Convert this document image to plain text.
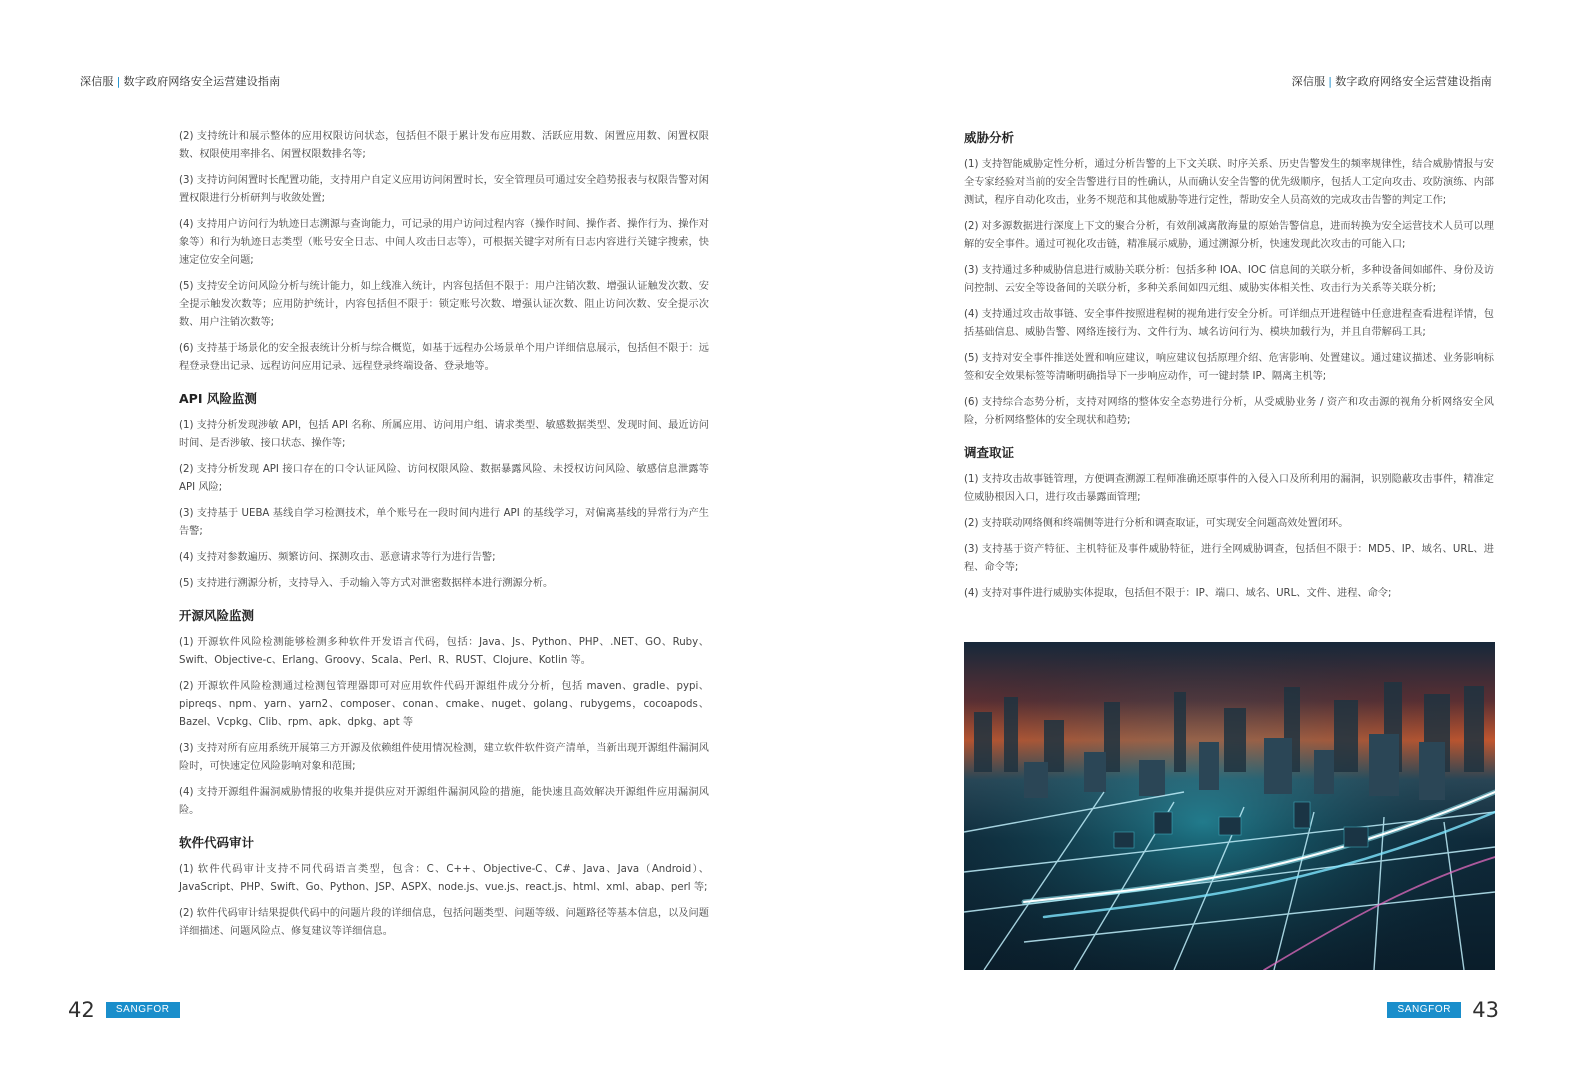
深信服 | 数字政府网络安全运营建设指南

(2) 支持统计和展示整体的应用权限访问状态，包括但不限于累计发布应用数、活跃应用数、闲置应用数、闲置权限数、权限使用率排名、闲置权限数排名等;

(3) 支持访问闲置时长配置功能，支持用户自定义应用访问闲置时长，安全管理员可通过安全趋势报表与权限告警对闲置权限进行分析研判与收敛处置;

(4) 支持用户访问行为轨迹日志溯源与查询能力，可记录的用户访问过程内容（操作时间、操作者、操作行为、操作对象等）和行为轨迹日志类型（账号安全日志、中间人攻击日志等），可根据关键字对所有日志内容进行关键字搜索，快速定位安全问题;

(5) 支持安全访问风险分析与统计能力，如上线准入统计，内容包括但不限于：用户注销次数、增强认证触发次数、安全提示触发次数等；应用防护统计，内容包括但不限于：锁定账号次数、增强认证次数、阻止访问次数、安全提示次数、用户注销次数等;

(6) 支持基于场景化的安全报表统计分析与综合概览，如基于远程办公场景单个用户详细信息展示，包括但不限于：远程登录登出记录、远程访问应用记录、远程登录终端设备、登录地等。

API 风险监测

(1) 支持分析发现涉敏 API，包括 API 名称、所属应用、访问用户组、请求类型、敏感数据类型、发现时间、最近访问时间、是否涉敏、接口状态、操作等;

(2) 支持分析发现 API 接口存在的口令认证风险、访问权限风险、数据暴露风险、未授权访问风险、敏感信息泄露等 API 风险;

(3) 支持基于 UEBA 基线自学习检测技术，单个账号在一段时间内进行 API 的基线学习，对偏离基线的异常行为产生告警;

(4) 支持对参数遍历、频繁访问、探测攻击、恶意请求等行为进行告警;

(5) 支持进行溯源分析，支持导入、手动输入等方式对泄密数据样本进行溯源分析。

开源风险监测

(1) 开源软件风险检测能够检测多种软件开发语言代码，包括：Java、Js、Python、PHP、.NET、GO、Ruby、Swift、Objective-c、Erlang、Groovy、Scala、Perl、R、RUST、Clojure、Kotlin 等。

(2) 开源软件风险检测通过检测包管理器即可对应用软件代码开源组件成分分析，包括 maven、gradle、pypi、pipreqs、npm、yarn、yarn2、composer、conan、cmake、nuget、golang、rubygems，cocoapods、Bazel、Vcpkg、Clib、rpm、apk、dpkg、apt 等

(3) 支持对所有应用系统开展第三方开源及依赖组件使用情况检测，建立软件软件资产清单，当新出现开源组件漏洞风险时，可快速定位风险影响对象和范围;

(4) 支持开源组件漏洞威胁情报的收集并提供应对开源组件漏洞风险的措施，能快速且高效解决开源组件应用漏洞风险。

软件代码审计

(1) 软件代码审计支持不同代码语言类型，包含：C、C++、Objective-C、C#、Java、Java（Android）、JavaScript、PHP、Swift、Go、Python、JSP、ASPX、node.js、vue.js、react.js、html、xml、abap、perl 等;

(2) 软件代码审计结果提供代码中的问题片段的详细信息，包括问题类型、问题等级、问题路径等基本信息，以及问题详细描述、问题风险点、修复建议等详细信息。

42	SANGFOR
深信服 | 数字政府网络安全运营建设指南
威胁分析

(1) 支持智能威胁定性分析，通过分析告警的上下文关联、时序关系、历史告警发生的频率规律性，结合威胁情报与安全专家经验对当前的安全告警进行目的性确认，从而确认安全告警的优先级顺序，包括人工定向攻击、攻防演练、内部测试，程序自动化攻击，业务不规范和其他威胁等进行定性，帮助安全人员高效的完成攻击告警的判定工作;

(2) 对多源数据进行深度上下文的聚合分析，有效削减离散海量的原始告警信息，进而转换为安全运营技术人员可以理解的安全事件。通过可视化攻击链，精准展示威胁，通过溯源分析，快速发现此次攻击的可能入口;

(3) 支持通过多种威胁信息进行威胁关联分析：包括多种 IOA、IOC 信息间的关联分析，多种设备间如邮件、身份及访问控制、云安全等设备间的关联分析，多种关系间如四元组、威胁实体相关性、攻击行为关系等关联分析;

(4) 支持通过攻击故事链、安全事件按照进程树的视角进行安全分析。可详细点开进程链中任意进程查看进程详情，包括基础信息、威胁告警、网络连接行为、文件行为、域名访问行为、模块加载行为，并且自带解码工具;

(5) 支持对安全事件推送处置和响应建议，响应建议包括原理介绍、危害影响、处置建议。通过建议描述、业务影响标签和安全效果标签等清晰明确指导下一步响应动作，可一键封禁 IP、隔离主机等;

(6) 支持综合态势分析，支持对网络的整体安全态势进行分析，从受威胁业务 / 资产和攻击源的视角分析网络安全风险，分析网络整体的安全现状和趋势;

调查取证

(1) 支持攻击故事链管理，方便调查溯源工程师准确还原事件的入侵入口及所利用的漏洞，识别隐蔽攻击事件，精准定位威胁根因入口，进行攻击暴露面管理;

(2) 支持联动网络侧和终端侧等进行分析和调查取证，可实现安全问题高效处置闭环。

(3) 支持基于资产特征、主机特征及事件威胁特征，进行全网威胁调查，包括但不限于：MD5、IP、域名、URL、进程、命令等;

(4) 支持对事件进行威胁实体提取，包括但不限于：IP、端口、域名、URL、文件、进程、命令;

SANGFOR	43
